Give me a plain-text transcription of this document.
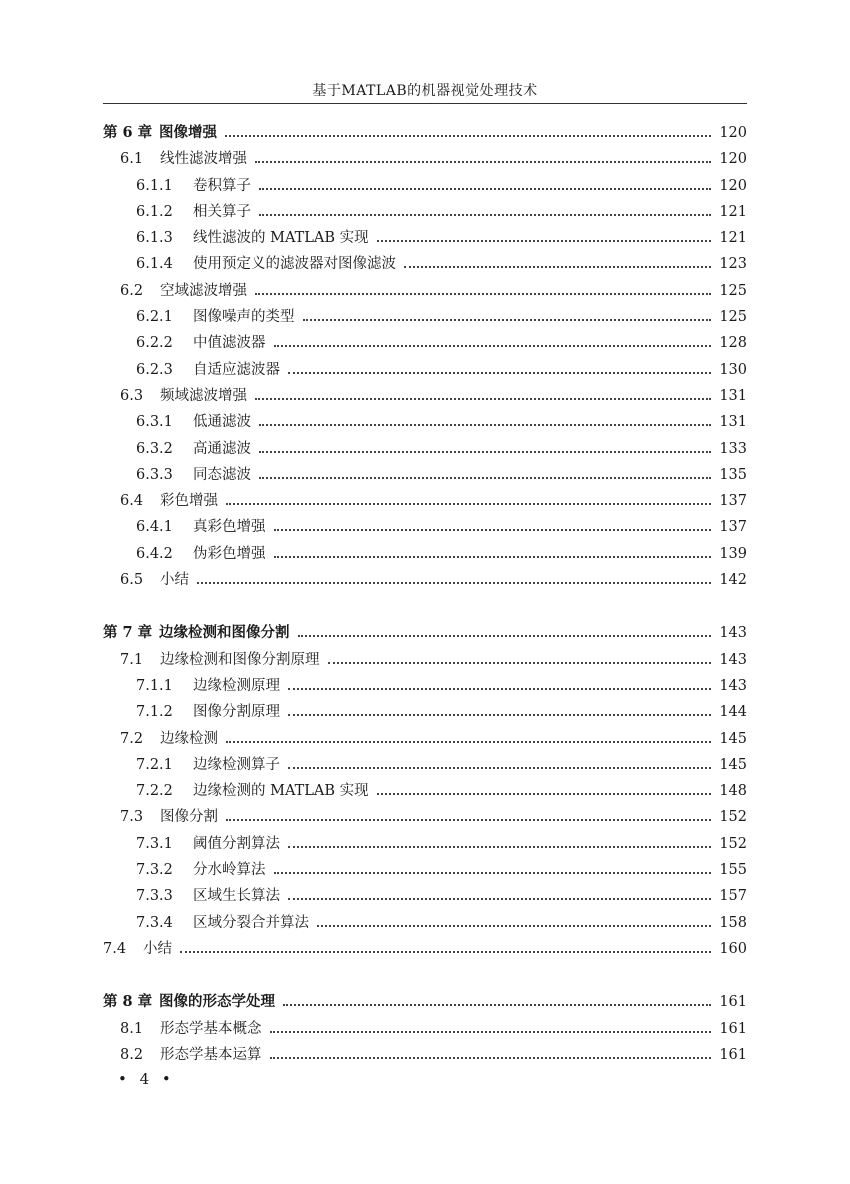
基于MATLAB的机器视觉处理技术
第 6 章 图像增强	120
6.1	线性滤波增强	120
6.1.1	卷积算子	120
6.1.2	相关算子	121
6.1.3	线性滤波的 MATLAB 实现	121
6.1.4	使用预定义的滤波器对图像滤波	123
6.2	空域滤波增强	125
6.2.1	图像噪声的类型	125
6.2.2	中值滤波器	128
6.2.3	自适应滤波器	130
6.3	频域滤波增强	131
6.3.1	低通滤波	131
6.3.2	高通滤波	133
6.3.3	同态滤波	135
6.4	彩色增强	137
6.4.1	真彩色增强	137
6.4.2	伪彩色增强	139
6.5	小结	142
第 7 章 边缘检测和图像分割	143
7.1	边缘检测和图像分割原理	143
7.1.1	边缘检测原理	143
7.1.2	图像分割原理	144
7.2	边缘检测	145
7.2.1	边缘检测算子	145
7.2.2	边缘检测的 MATLAB 实现	148
7.3	图像分割	152
7.3.1	阈值分割算法	152
7.3.2	分水岭算法	155
7.3.3	区域生长算法	157
7.3.4	区域分裂合并算法	158
7.4	小结	160
第 8 章 图像的形态学处理	161
8.1	形态学基本概念	161
8.2	形态学基本运算	161
• 4 •
